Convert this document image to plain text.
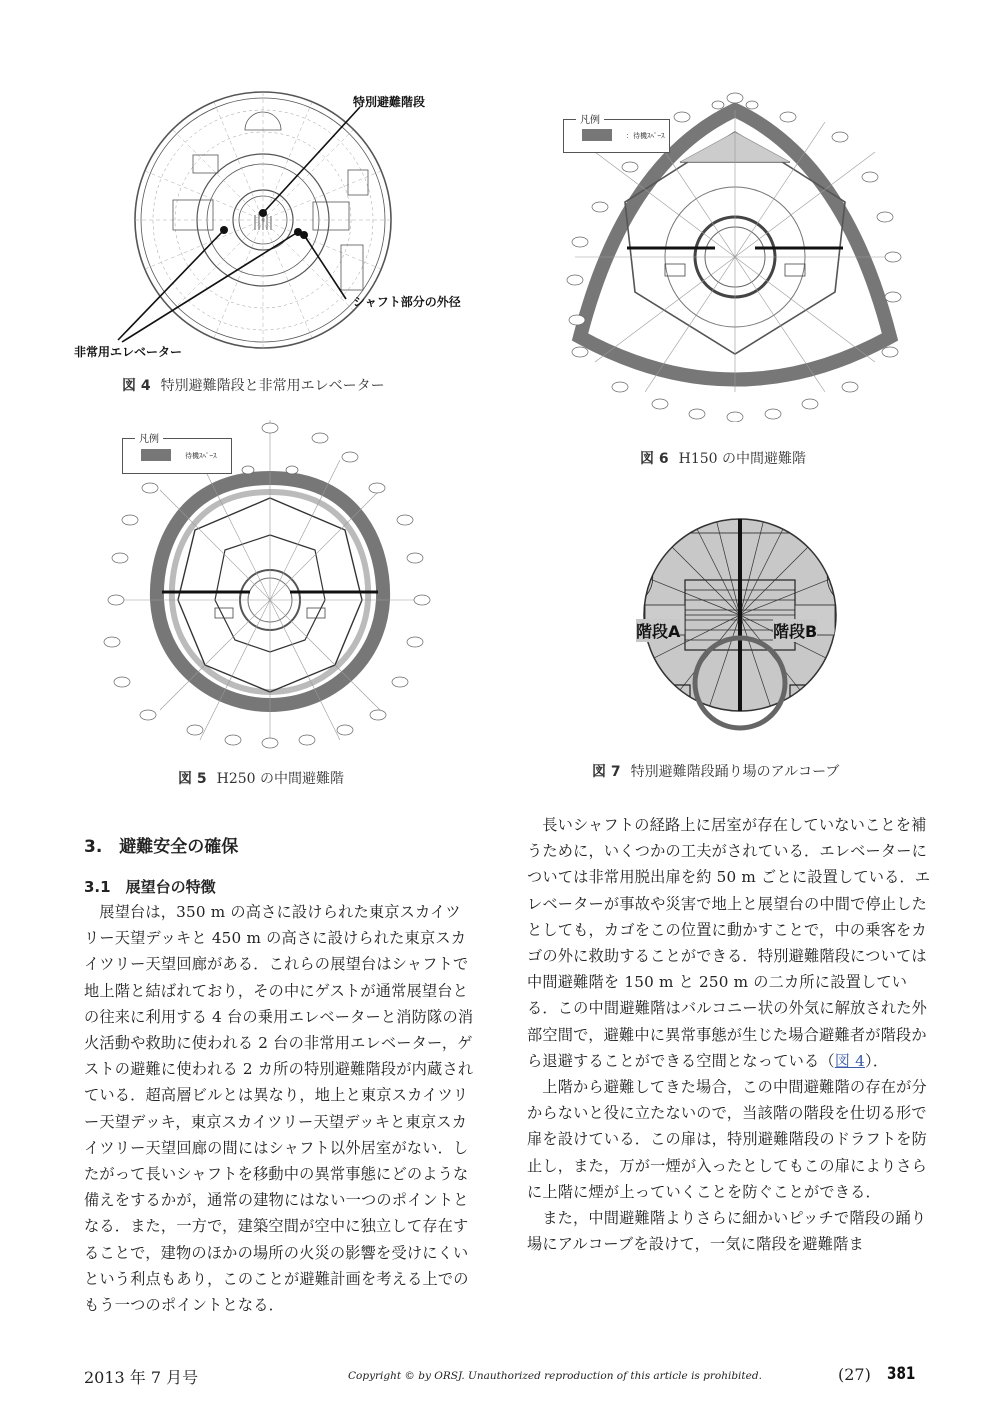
特別避難階段
シャフト部分の外径
非常用エレベーター
図 4 特別避難階段と非常用エレベーター
凡例
：待機ｽﾍﾟｰｽ
図 6 H150 の中間避難階
凡例
待機ｽﾍﾟｰｽ
図 5 H250 の中間避難階
階段A	階段B
図 7 特別避難階段踊り場のアルコーブ
3.　避難安全の確保
3.1　展望台の特徴

展望台は，350 m の高さに設けられた東京スカイツリー天望デッキと 450 m の高さに設けられた東京スカイツリー天望回廊がある．これらの展望台はシャフトで地上階と結ばれており，その中にゲストが通常展望台との往来に利用する 4 台の乗用エレベーターと消防隊の消火活動や救助に使われる 2 台の非常用エレベーター，ゲストの避難に使われる 2 カ所の特別避難階段が内蔵されている．超高層ビルとは異なり，地上と東京スカイツリー天望デッキ，東京スカイツリー天望デッキと東京スカイツリー天望回廊の間にはシャフト以外居室がない．したがって長いシャフトを移動中の異常事態にどのような備えをするかが，通常の建物にはない一つのポイントとなる．また，一方で，建築空間が空中に独立して存在することで，建物のほかの場所の火災の影響を受けにくいという利点もあり，このことが避難計画を考える上でのもう一つのポイントとなる．

長いシャフトの経路上に居室が存在していないことを補うために，いくつかの工夫がされている．エレベーターについては非常用脱出扉を約 50 m ごとに設置している．エレベーターが事故や災害で地上と展望台の中間で停止したとしても，カゴをこの位置に動かすことで，中の乗客をカゴの外に救助することができる．特別避難階段については中間避難階を 150 m と 250 m の二カ所に設置している．この中間避難階はバルコニー状の外気に解放された外部空間で，避難中に異常事態が生じた場合避難者が階段から退避することができる空間となっている（図 4）．

上階から避難してきた場合，この中間避難階の存在が分からないと役に立たないので，当該階の階段を仕切る形で扉を設けている．この扉は，特別避難階段のドラフトを防止し，また，万が一煙が入ったとしてもこの扉によりさらに上階に煙が上っていくことを防ぐことができる．

また，中間避難階よりさらに細かいピッチで階段の踊り場にアルコーブを設けて，一気に階段を避難階ま

2013 年 7 月号	Copyright © by ORSJ. Unauthorized reproduction of this article is prohibited.	(27) 381
